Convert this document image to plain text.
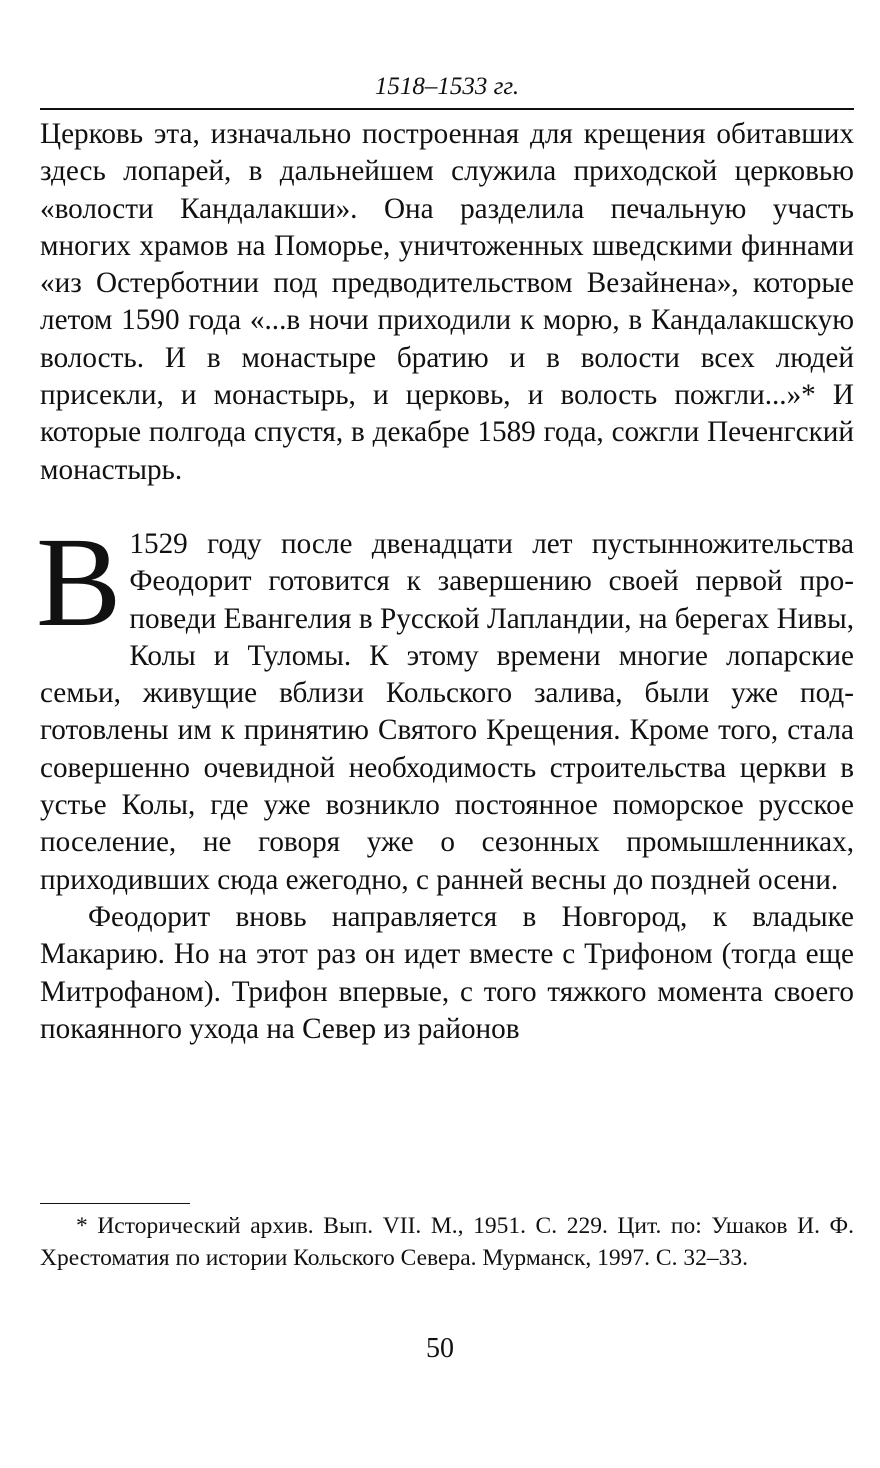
1518–1533 гг.

Церковь эта, изначально построенная для крещения обитавших здесь лопарей, в дальнейшем служила приходской церковью «волости Кандалакши». Она разделила печальную участь многих храмов на Поморье, уничтоженных шведскими финнами «из Остерботнии под предводительством Везайнена», которые летом 1590 года «...в ночи приходили к морю, в Кандалакшскую волость. И в монастыре братию и в волости всех людей присекли, и монастырь, и церковь, и волость пожгли...»* И которые полгода спустя, в декабре 1589 года, сожгли Печенгский монастырь.

В 1529 году после двенадцати лет пустынножительства Феодорит готовится к завершению своей первой проповеди Евангелия в Русской Лапландии, на берегах Нивы, Колы и Туломы. К этому времени многие лопарские семьи, живущие вблизи Кольского залива, были уже подготовлены им к принятию Святого Крещения. Кроме того, стала совершенно очевидной необходимость строительства церкви в устье Колы, где уже возникло постоянное поморское русское поселение, не говоря уже о сезонных промышленниках, приходивших сюда ежегодно, с ранней весны до поздней осени.

Феодорит вновь направляется в Новгород, к владыке Макарию. Но на этот раз он идет вместе с Трифоном (тогда еще Митрофаном). Трифон впервые, с того тяжкого момента своего покаянного ухода на Север из районов

* Исторический архив. Вып. VII. М., 1951. С. 229. Цит. по: Ушаков И. Ф. Хрестоматия по истории Кольского Севера. Мурманск, 1997. С. 32–33.
50
